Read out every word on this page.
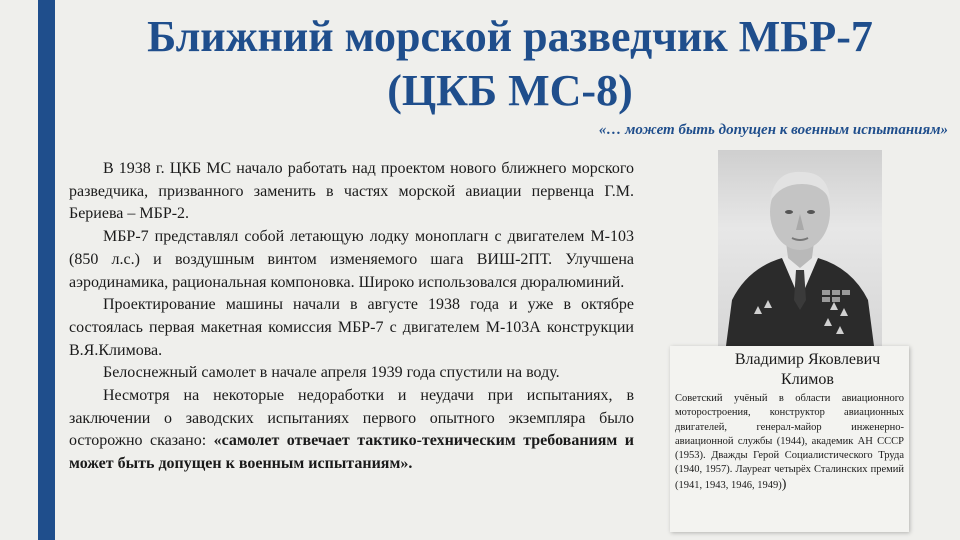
Ближний морской разведчик МБР-7
(ЦКБ МС-8)
«… может быть допущен к военным испытаниям»

В 1938 г. ЦКБ МС начало работать над проектом нового ближнего морского разведчика, призванного заменить в частях морской авиации первенца Г.М. Бериева – МБР-2.

МБР-7 представлял собой летающую лодку моноплагн с двигателем М-103 (850 л.с.) и воздушным винтом изменяемого шага ВИШ-2ПТ. Улучшена аэродинамика, рациональная компоновка. Широко использовался дюралюминий.

Проектирование машины начали в августе 1938 года и уже в октябре состоялась первая макетная комиссия МБР-7 с двигателем М-103А конструкции В.Я.Климова.

Белоснежный самолет в начале апреля 1939 года спустили на воду.

Несмотря на некоторые недоработки и неудачи при испытаниях, в заключении о заводских испытаниях первого опытного экземпляра было осторожно сказано: «самолет отвечает тактико-техническим требованиям и может быть допущен к военным испытаниям».

Владимир Яковлевич
Климов
Советский учёный в области авиационного моторостроения, конструктор авиационных двигателей, генерал-майор инженерно-авиационной службы (1944), академик АН СССР (1953). Дважды Герой Социалистического Труда (1940, 1957). Лауреат четырёх Сталинских премий (1941, 1943, 1946, 1949))
